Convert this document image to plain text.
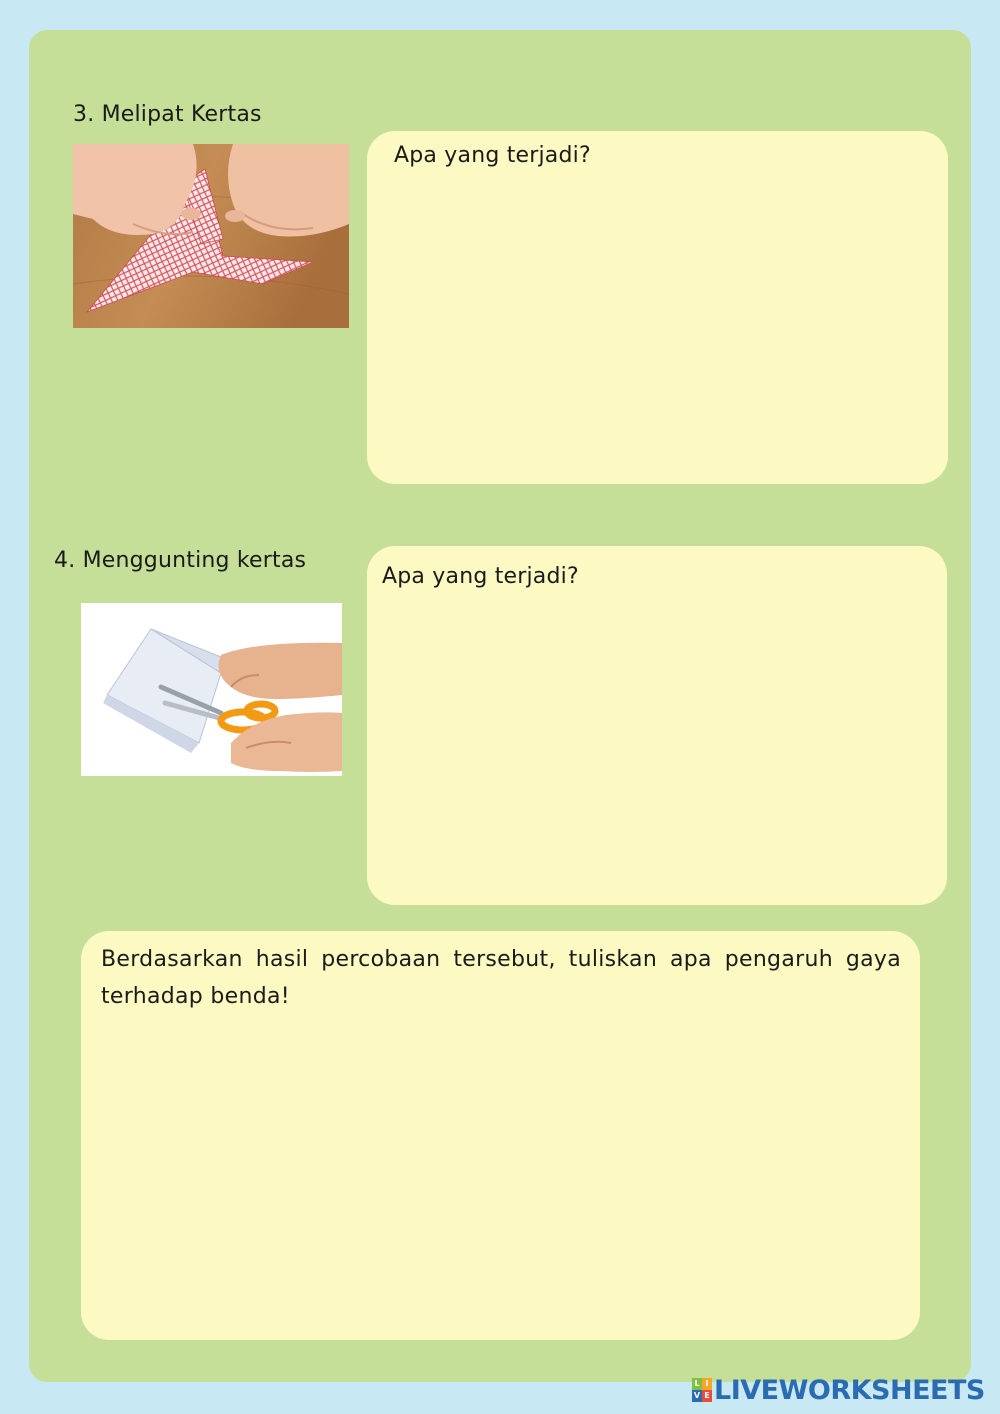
3. Melipat Kertas
Apa yang terjadi?
4. Menggunting kertas
Apa yang terjadi?
Berdasarkan hasil percobaan tersebut, tuliskan apa pengaruh gaya terhadap benda!
L I
V E LIVEWORKSHEETS
